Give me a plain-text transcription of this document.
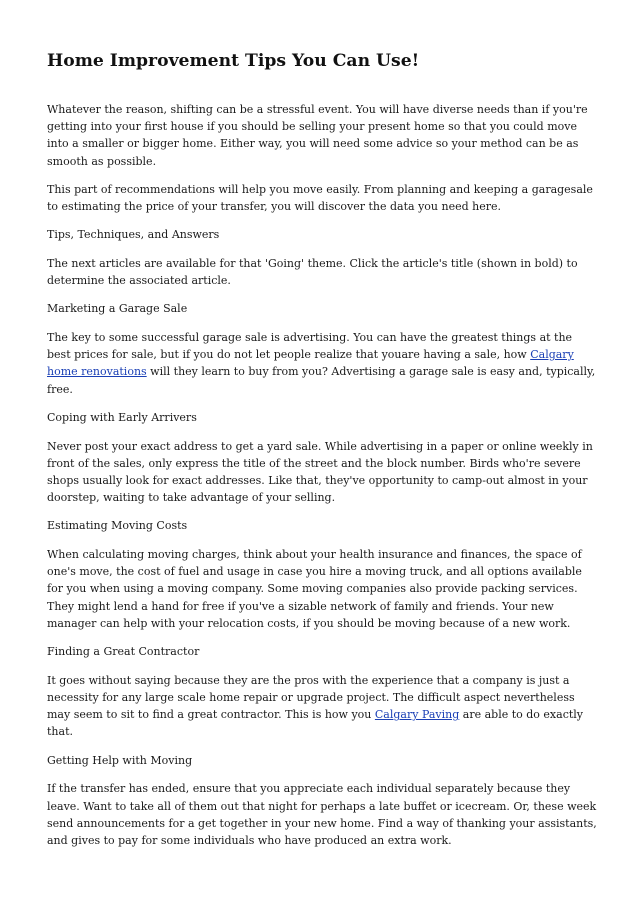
Home Improvement Tips You Can Use!

Whatever the reason, shifting can be a stressful event. You will have diverse needs than if you're getting into your first house if you should be selling your present home so that you could move into a smaller or bigger home. Either way, you will need some advice so your method can be as smooth as possible.

This part of recommendations will help you move easily. From planning and keeping a garagesale to estimating the price of your transfer, you will discover the data you need here.

Tips, Techniques, and Answers

The next articles are available for that 'Going' theme. Click the article's title (shown in bold) to determine the associated article.

Marketing a Garage Sale

The key to some successful garage sale is advertising. You can have the greatest things at the best prices for sale, but if you do not let people realize that youare having a sale, how Calgary home renovations will they learn to buy from you? Advertising a garage sale is easy and, typically, free.

Coping with Early Arrivers

Never post your exact address to get a yard sale. While advertising in a paper or online weekly in front of the sales, only express the title of the street and the block number. Birds who're severe shops usually look for exact addresses. Like that, they've opportunity to camp-out almost in your doorstep, waiting to take advantage of your selling.

Estimating Moving Costs

When calculating moving charges, think about your health insurance and finances, the space of one's move, the cost of fuel and usage in case you hire a moving truck, and all options available for you when using a moving company. Some moving companies also provide packing services. They might lend a hand for free if you've a sizable network of family and friends. Your new manager can help with your relocation costs, if you should be moving because of a new work.

Finding a Great Contractor

It goes without saying because they are the pros with the experience that a company is just a necessity for any large scale home repair or upgrade project. The difficult aspect nevertheless may seem to sit to find a great contractor. This is how you Calgary Paving are able to do exactly that.

Getting Help with Moving

If the transfer has ended, ensure that you appreciate each individual separately because they leave. Want to take all of them out that night for perhaps a late buffet or icecream. Or, these week send announcements for a get together in your new home. Find a way of thanking your assistants, and gives to pay for some individuals who have produced an extra work.
